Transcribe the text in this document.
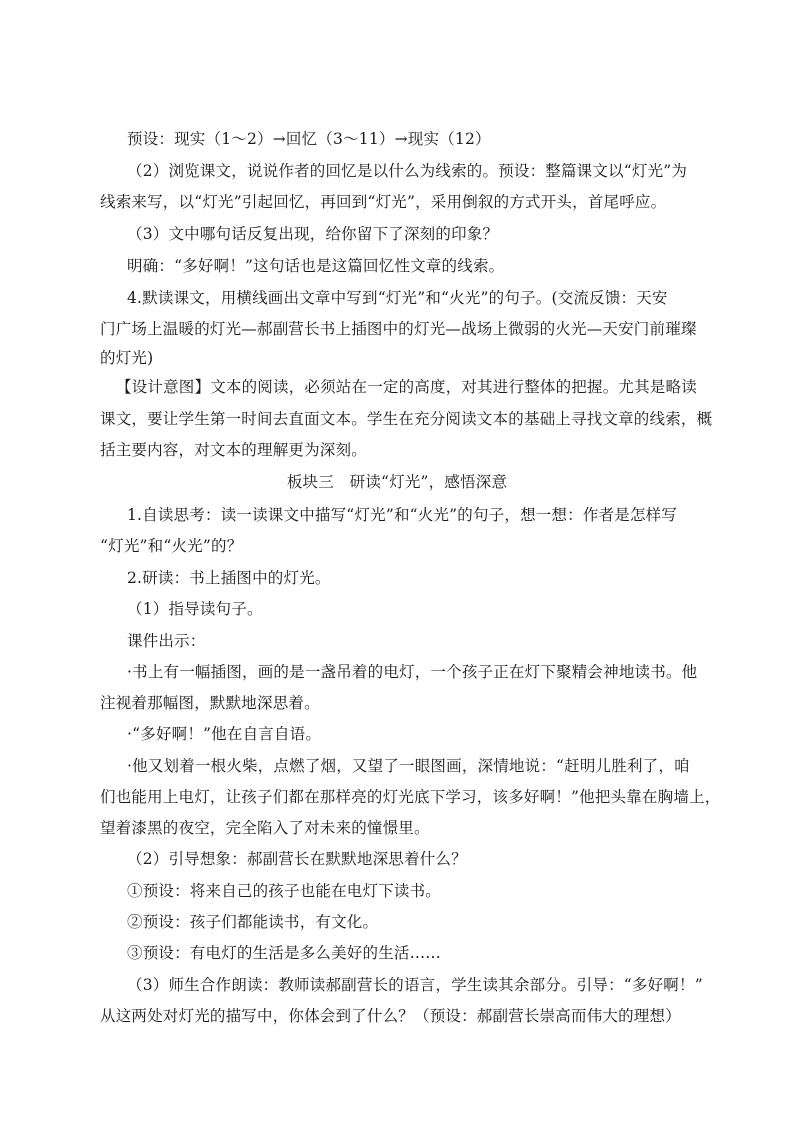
预设：现实（1～2）→回忆（3～11）→现实（12）
（2）浏览课文，说说作者的回忆是以什么为线索的。预设：整篇课文以“灯光”为
线索来写，以“灯光”引起回忆，再回到“灯光”，采用倒叙的方式开头，首尾呼应。
（3）文中哪句话反复出现，给你留下了深刻的印象？
明确：“多好啊！”这句话也是这篇回忆性文章的线索。
4.默读课文，用横线画出文章中写到“灯光”和“火光”的句子。(交流反馈：天安
门广场上温暖的灯光—郝副营长书上插图中的灯光—战场上微弱的火光—天安门前璀璨
的灯光)
【设计意图】文本的阅读，必须站在一定的高度，对其进行整体的把握。尤其是略读
课文，要让学生第一时间去直面文本。学生在充分阅读文本的基础上寻找文章的线索，概
括主要内容，对文本的理解更为深刻。
板块三　研读“灯光”，感悟深意
1.自读思考：读一读课文中描写“灯光”和“火光”的句子，想一想：作者是怎样写
“灯光”和“火光”的？
2.研读：书上插图中的灯光。
（1）指导读句子。
课件出示：
·书上有一幅插图，画的是一盏吊着的电灯，一个孩子正在灯下聚精会神地读书。他
注视着那幅图，默默地深思着。
·“多好啊！”他在自言自语。
·他又划着一根火柴，点燃了烟，又望了一眼图画，深情地说：“赶明儿胜利了，咱
们也能用上电灯，让孩子们都在那样亮的灯光底下学习，该多好啊！”他把头靠在胸墙上，
望着漆黑的夜空，完全陷入了对未来的憧憬里。
（2）引导想象：郝副营长在默默地深思着什么？
①预设：将来自己的孩子也能在电灯下读书。
②预设：孩子们都能读书，有文化。
③预设：有电灯的生活是多么美好的生活……
（3）师生合作朗读：教师读郝副营长的语言，学生读其余部分。引导：“多好啊！”
从这两处对灯光的描写中，你体会到了什么？（预设：郝副营长崇高而伟大的理想）
